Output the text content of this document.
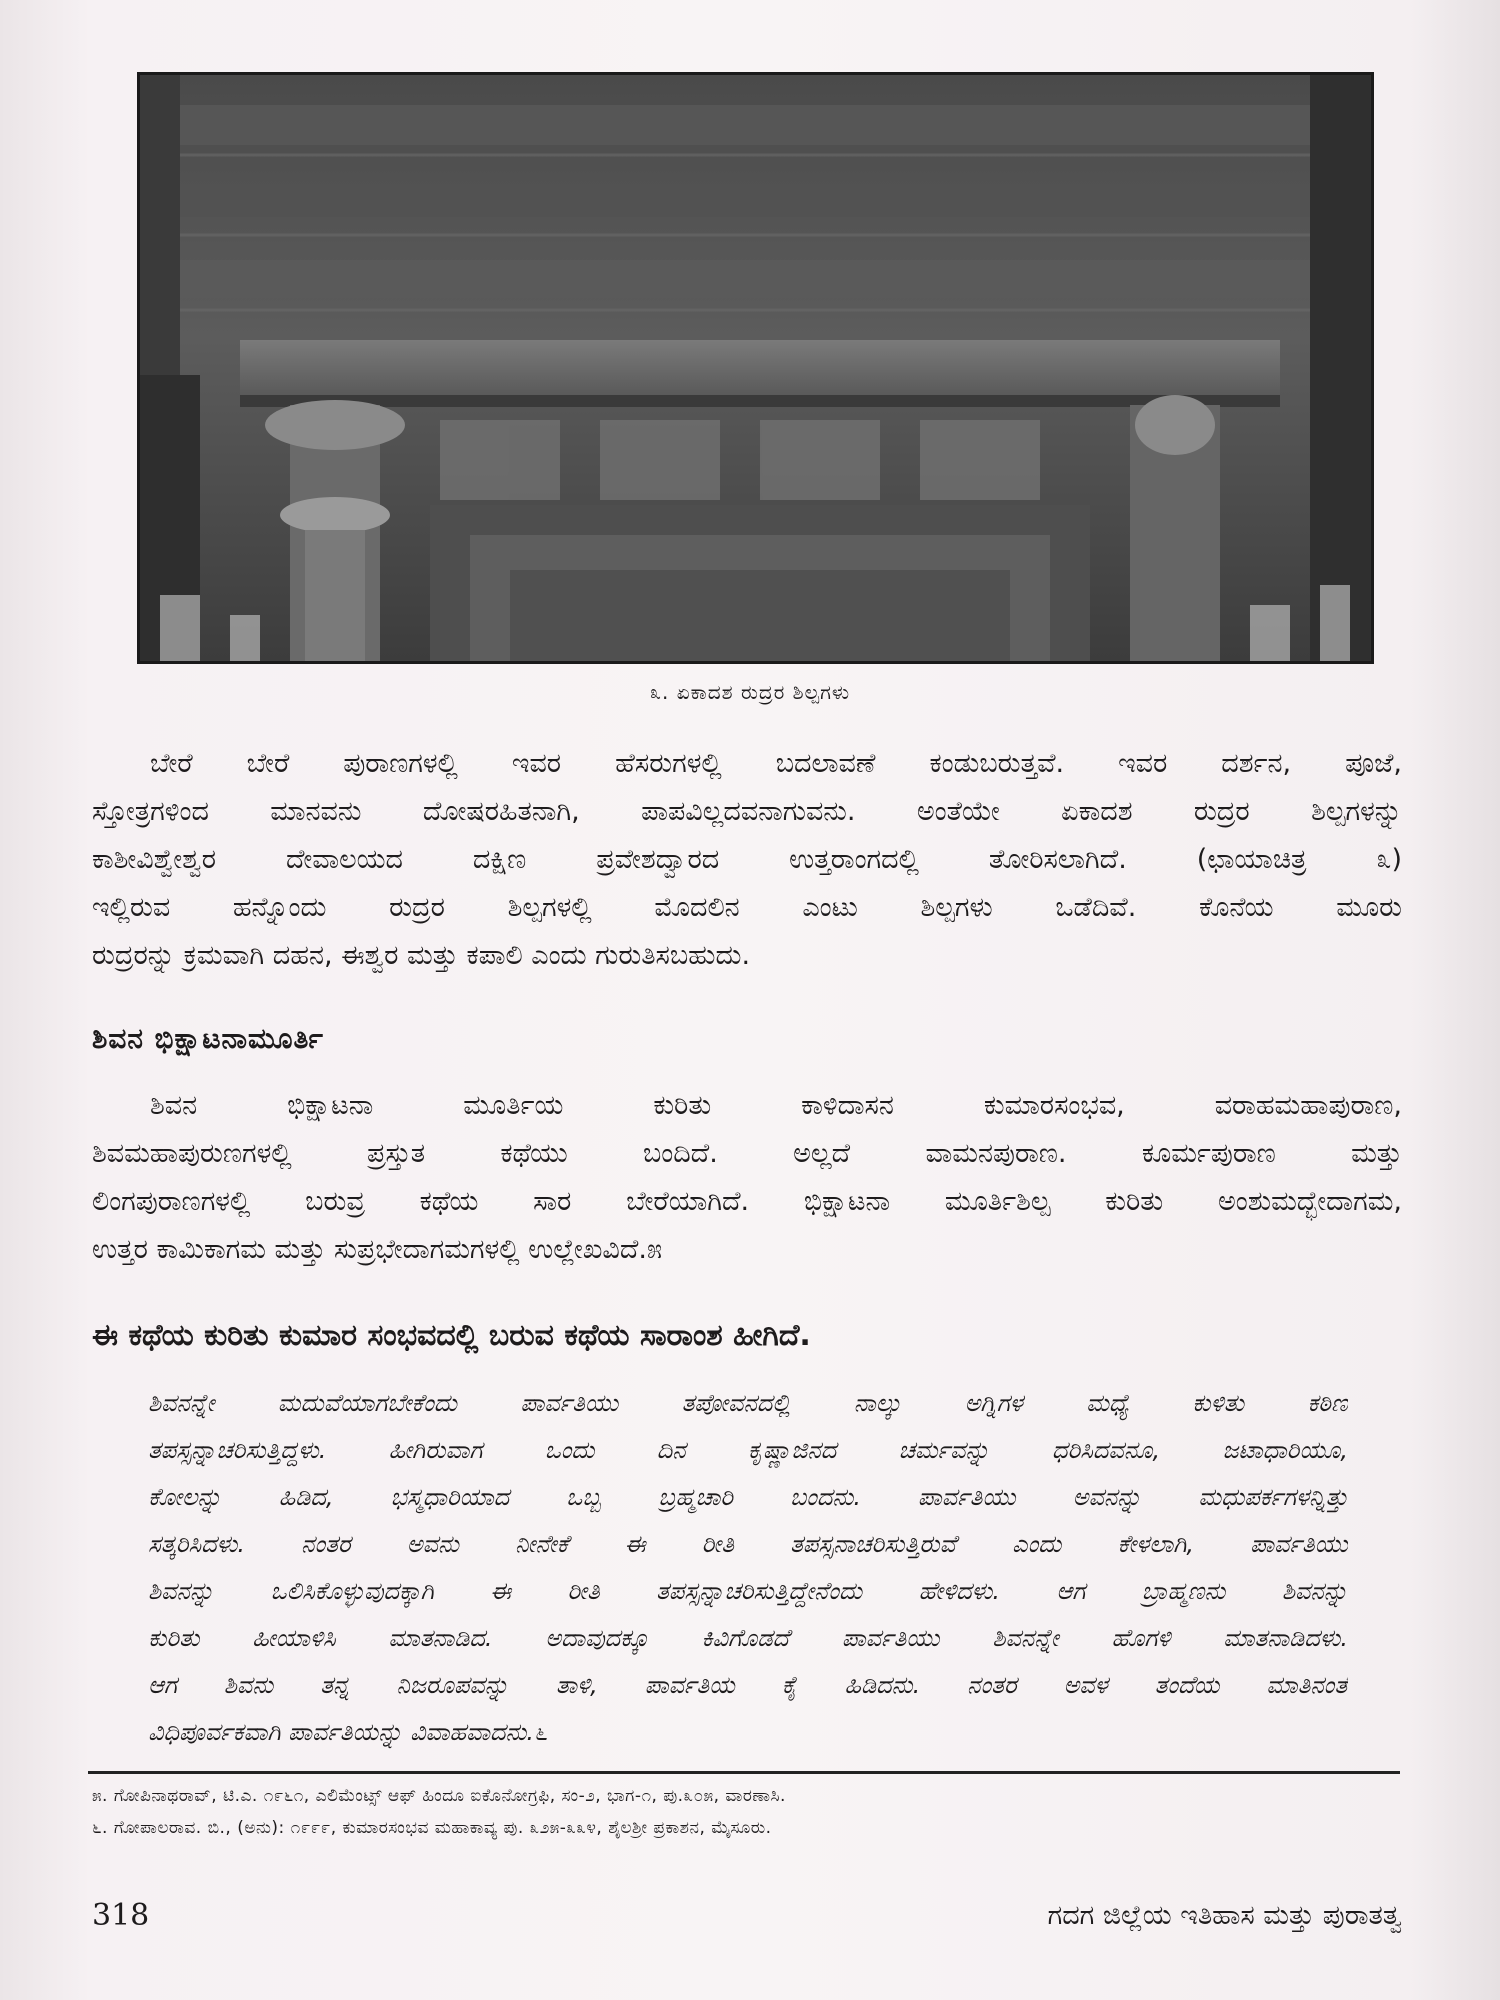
೩. ಏಕಾದಶ ರುದ್ರರ ಶಿಲ್ಪಗಳು
ಬೇರೆ ಬೇರೆ ಪುರಾಣಗಳಲ್ಲಿ ಇವರ ಹೆಸರುಗಳಲ್ಲಿ ಬದಲಾವಣೆ ಕಂಡುಬರುತ್ತವೆ. ಇವರ ದರ್ಶನ, ಪೂಜೆ,
ಸ್ತೋತ್ರಗಳಿಂದ ಮಾನವನು ದೋಷರಹಿತನಾಗಿ, ಪಾಪವಿಲ್ಲದವನಾಗುವನು. ಅಂತೆಯೇ ಏಕಾದಶ ರುದ್ರರ ಶಿಲ್ಪಗಳನ್ನು
ಕಾಶೀವಿಶ್ವೇಶ್ವರ ದೇವಾಲಯದ ದಕ್ಷಿಣ ಪ್ರವೇಶದ್ವಾರದ ಉತ್ತರಾಂಗದಲ್ಲಿ ತೋರಿಸಲಾಗಿದೆ. (ಛಾಯಾಚಿತ್ರ ೩)
ಇಲ್ಲಿರುವ ಹನ್ನೊಂದು ರುದ್ರರ ಶಿಲ್ಪಗಳಲ್ಲಿ ಮೊದಲಿನ ಎಂಟು ಶಿಲ್ಪಗಳು ಒಡೆದಿವೆ. ಕೊನೆಯ ಮೂರು
ರುದ್ರರನ್ನು ಕ್ರಮವಾಗಿ ದಹನ, ಈಶ್ವರ ಮತ್ತು ಕಪಾಲಿ ಎಂದು ಗುರುತಿಸಬಹುದು.
ಶಿವನ ಭಿಕ್ಷಾಟನಾಮೂರ್ತಿ
ಶಿವನ ಭಿಕ್ಷಾಟನಾ ಮೂರ್ತಿಯ ಕುರಿತು ಕಾಳಿದಾಸನ ಕುಮಾರಸಂಭವ, ವರಾಹಮಹಾಪುರಾಣ,
ಶಿವಮಹಾಪುರುಣಗಳಲ್ಲಿ ಪ್ರಸ್ತುತ ಕಥೆಯು ಬಂದಿದೆ. ಅಲ್ಲದೆ ವಾಮನಪುರಾಣ. ಕೂರ್ಮಪುರಾಣ ಮತ್ತು
ಲಿಂಗಪುರಾಣಗಳಲ್ಲಿ ಬರುವ್ರ ಕಥೆಯ ಸಾರ ಬೇರೆಯಾಗಿದೆ. ಭಿಕ್ಷಾಟನಾ ಮೂರ್ತಿಶಿಲ್ಪ ಕುರಿತು ಅಂಶುಮದ್ಭೇದಾಗಮ,
ಉತ್ತರ ಕಾಮಿಕಾಗಮ ಮತ್ತು ಸುಪ್ರಭೇದಾಗಮಗಳಲ್ಲಿ ಉಲ್ಲೇಖವಿದೆ.೫
ಈ ಕಥೆಯ ಕುರಿತು ಕುಮಾರ ಸಂಭವದಲ್ಲಿ ಬರುವ ಕಥೆಯ ಸಾರಾಂಶ ಹೀಗಿದೆ.
ಶಿವನನ್ನೇ ಮದುವೆಯಾಗಬೇಕೆಂದು ಪಾರ್ವತಿಯು ತಪೋವನದಲ್ಲಿ ನಾಲ್ಕು ಅಗ್ನಿಗಳ ಮಧ್ಯೆ ಕುಳಿತು ಕಠಿಣ
ತಪಸ್ಸನ್ನಾಚರಿಸುತ್ತಿದ್ದಳು. ಹೀಗಿರುವಾಗ ಒಂದು ದಿನ ಕೃಷ್ಣಾಜಿನದ ಚರ್ಮವನ್ನು ಧರಿಸಿದವನೂ, ಜಟಾಧಾರಿಯೂ,
ಕೋಲನ್ನು ಹಿಡಿದ, ಭಸ್ಮಧಾರಿಯಾದ ಒಬ್ಬ ಬ್ರಹ್ಮಚಾರಿ ಬಂದನು. ಪಾರ್ವತಿಯು ಅವನನ್ನು ಮಧುಪರ್ಕಗಳನ್ನಿತ್ತು
ಸತ್ಕರಿಸಿದಳು. ನಂತರ ಅವನು ನೀನೇಕೆ ಈ ರೀತಿ ತಪಸ್ಸನಾಚರಿಸುತ್ತಿರುವೆ ಎಂದು ಕೇಳಲಾಗಿ, ಪಾರ್ವತಿಯು
ಶಿವನನ್ನು ಒಲಿಸಿಕೊಳ್ಳುವುದಕ್ಕಾಗಿ ಈ ರೀತಿ ತಪಸ್ಸನ್ನಾಚರಿಸುತ್ತಿದ್ದೇನೆಂದು ಹೇಳಿದಳು. ಆಗ ಬ್ರಾಹ್ಮಣನು ಶಿವನನ್ನು
ಕುರಿತು ಹೀಯಾಳಿಸಿ ಮಾತನಾಡಿದ. ಅದಾವುದಕ್ಕೂ ಕಿವಿಗೊಡದೆ ಪಾರ್ವತಿಯು ಶಿವನನ್ನೇ ಹೊಗಳಿ ಮಾತನಾಡಿದಳು.
ಆಗ ಶಿವನು ತನ್ನ ನಿಜರೂಪವನ್ನು ತಾಳಿ, ಪಾರ್ವತಿಯ ಕೈ ಹಿಡಿದನು. ನಂತರ ಅವಳ ತಂದೆಯ ಮಾತಿನಂತೆ
ವಿಧಿಪೂರ್ವಕವಾಗಿ ಪಾರ್ವತಿಯನ್ನು ವಿವಾಹವಾದನು.೬
೫. ಗೋಪಿನಾಥರಾವ್, ಟಿ.ಎ. ೧೯೬೧, ಎಲಿಮೆಂಟ್ಸ್ ಆಫ್ ಹಿಂದೂ ಐಕೊನೋಗ್ರಫಿ, ಸಂ-೨, ಭಾಗ-೧, ಪು.೩೦೫, ವಾರಣಾಸಿ.
೬. ಗೋಪಾಲರಾವ. ಬಿ., (ಅನು): ೧೯೯೯, ಕುಮಾರಸಂಭವ ಮಹಾಕಾವ್ಯ ಪು. ೩೨೫-೩೩೪, ಶೈಲಶ್ರೀ ಪ್ರಕಾಶನ, ಮೈಸೂರು.
318	ಗದಗ ಜಿಲ್ಲೆಯ ಇತಿಹಾಸ ಮತ್ತು ಪುರಾತತ್ವ
